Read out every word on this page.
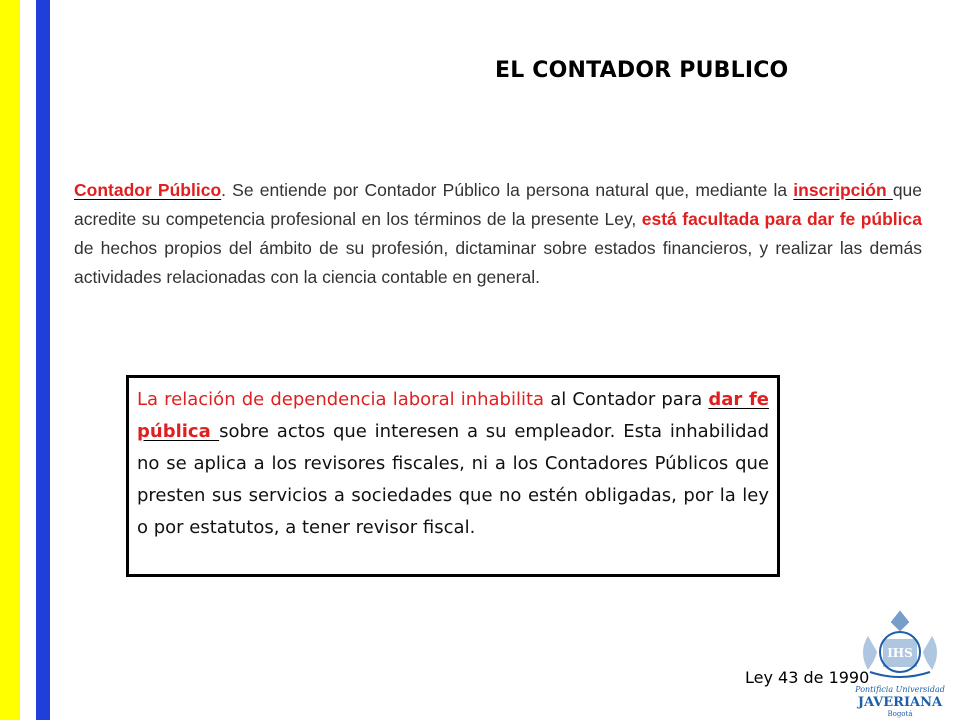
EL CONTADOR PUBLICO
Contador Público. Se entiende por Contador Público la persona natural que, mediante la inscripción que acredite su competencia profesional en los términos de la presente Ley, está facultada para dar fe pública de hechos propios del ámbito de su profesión, dictaminar sobre estados financieros, y realizar las demás actividades relacionadas con la ciencia contable en general.
La relación de dependencia laboral inhabilita al Contador para dar fe pública sobre actos que interesen a su empleador. Esta inhabilidad no se aplica a los revisores fiscales, ni a los Contadores Públicos que presten sus servicios a sociedades que no estén obligadas, por la ley o por estatutos, a tener revisor fiscal.
Ley 43 de 1990
IHS
Pontificia Universidad
JAVERIANA
Bogotá
